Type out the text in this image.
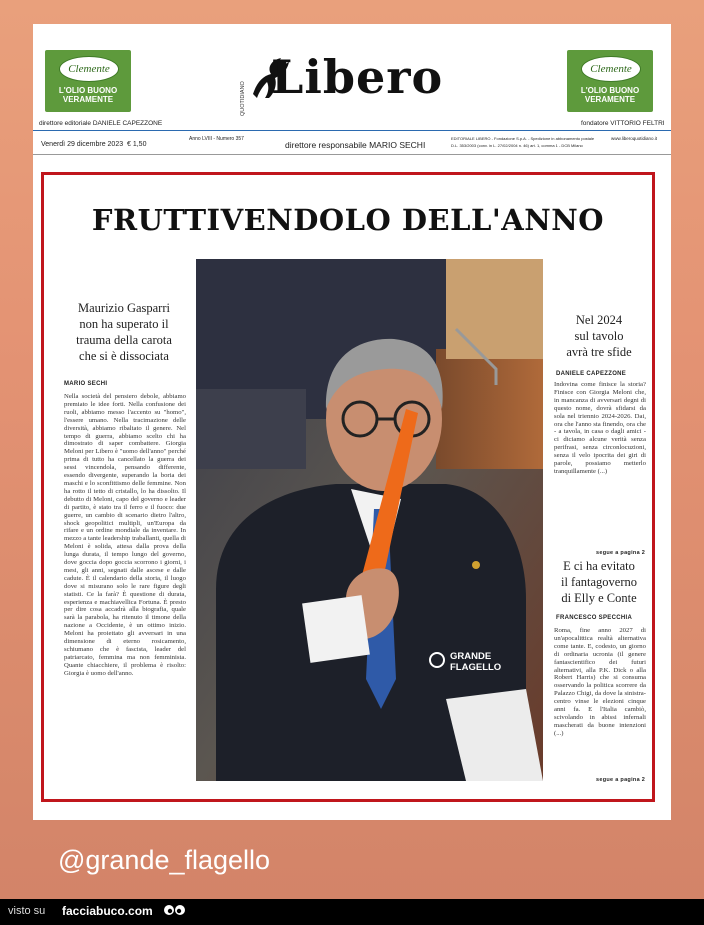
Clemente
L'OLIO BUONO
VERAMENTE
Clemente
L'OLIO BUONO
VERAMENTE
direttore editoriale DANIELE CAPEZZONE	fondatore VITTORIO FELTRI
QUOTIDIANO Libero
Venerdì 29 dicembre 2023 € 1,50
Anno LVIII - Numero 357
direttore responsabile MARIO SECHI
EDITORIALE LIBERO - Fondazione S.p.A. - Spedizione in abbonamento postale
D.L. 353/2003 (conv. in L. 27/02/2004 n. 46) art. 1, comma 1 - DCB Milano
www.liberoquotidiano.it
FRUTTIVENDOLO DELL'ANNO
Maurizio Gasparri
non ha superato il
trauma della carota
che si è dissociata
MARIO SECHI
Nella società del pensiero debole, abbiamo premiato le idee forti. Nella confusione dei ruoli, abbiamo messo l'accento su "homo", l'essere umano. Nella tracimazione delle diversità, abbiamo ribaltato il genere. Nel tempo di guerra, abbiamo scelto chi ha dimostrato di saper combattere. Giorgia Meloni per Libero è "uomo dell'anno" perché prima di tutto ha cancellato la guerra dei sessi vincendola, pensando differente, essendo divergente, superando la boria dei maschi e lo sconfittismo delle femmine. Non ha rotto il tetto di cristallo, lo ha dissolto. Il debutto di Meloni, capo del governo e leader di partito, è stato tra il ferro e il fuoco: due guerre, un cambio di scenario dietro l'altro, shock geopolitici multipli, un'Europa da rifare e un ordine mondiale da inventare. In mezzo a tante leadership traballanti, quella di Meloni è solida, attesa dalla prova della lunga durata, il tempo lungo del governo, dove goccia dopo goccia scorrono i giorni, i mesi, gli anni, segnati dalle ascese e dalle cadute. È il calendario della storia, il luogo dove si misurano solo le rare figure degli statisti. Ce la farà? È questione di durata, esperienza e machiavellica Fortuna. È presto per dire cosa accadrà alla biografia, quale sarà la parabola, ha ritenuto il timone della nazione a Occidente, è un ottimo inizio. Meloni ha proiettato gli avversari in una dimensione di eterno rosicamento, schiumano che è fascista, leader del patriarcato, femmina ma non femminista. Quante chiacchiere, il problema è risolto: Giorgia è uomo dell'anno.
GRANDE
FLAGELLO
Nel 2024
sul tavolo
avrà tre sfide
DANIELE CAPEZZONE
Indovina come finisce la storia? Finisce con Giorgia Meloni che, in mancanza di avversari degni di questo nome, dovrà sfidarsi da sola nel triennio 2024-2026. Dai, ora che l'anno sta finendo, ora che - a tavola, in casa o dagli amici - ci diciamo alcune verità senza perifrasi, senza circonlocuzioni, senza il velo ipocrita dei giri di parole, possiamo metterlo tranquillamente (...)
segue a pagina 2
E ci ha evitato
il fantagoverno
di Elly e Conte
FRANCESCO SPECCHIA
Roma, fine anno 2027 di un'apocalittica realtà alternativa come tante. E, codesto, un giorno di ordinaria ucronia (il genere fantascientifico dei futuri alternativi, alla P.K. Dick o alla Robert Harris) che si consuma osservando la politica scorrere da Palazzo Chigi, da dove la sinistra-centro vinse le elezioni cinque anni fa. E l'Italia cambiò, scivolando in abissi infernali mascherati da buone intenzioni (...)
segue a pagina 2
@grande_flagello
visto su facciabuco.com
